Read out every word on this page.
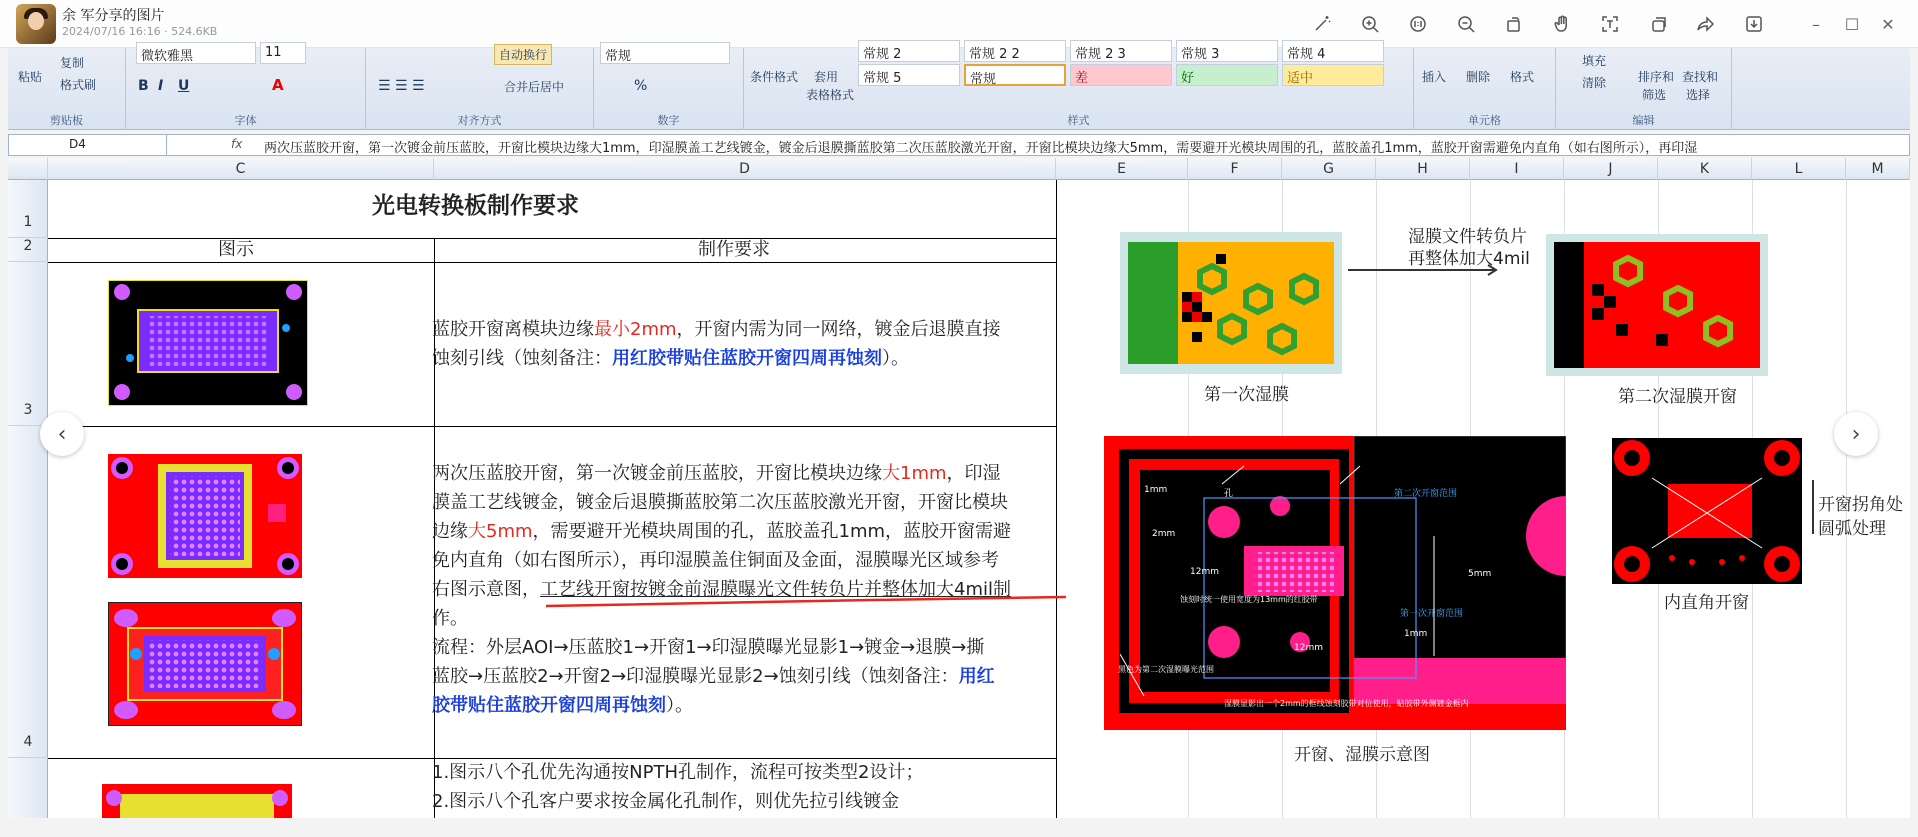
余 军分享的图片
2024/07/16 16:16 · 524.6KB	–	☐	✕
粘贴
复制
格式刷
剪贴板
微软雅黑	11
B I U	A
字体
自动换行
合并后居中
☰ ☰ ☰
对齐方式
常规
%
数字
条件格式 套用
表格格式
常规 2	常规 2 2	常规 2 3	常规 3	常规 4
常规 5	常规	差	好	适中
样式
插入 删除 格式
单元格
填充
清除	排序和
筛选
查找和
选择
编辑
D4	fx 两次压蓝胶开窗，第一次镀金前压蓝胶，开窗比模块边缘大1mm，印湿膜盖工艺线镀金，镀金后退膜撕蓝胶第二次压蓝胶激光开窗，开窗比模块边缘大5mm，需要避开光模块周围的孔，蓝胶盖孔1mm，蓝胶开窗需避免内直角（如右图所示），再印湿
C	D	E	F	G	H	I	J	K	L	M
1
2
3
4
光电转换板制作要求
图示	制作要求
蓝胶开窗离模块边缘最小2mm，开窗内需为同一网络，镀金后退膜直接
蚀刻引线（蚀刻备注：用红胶带贴住蓝胶开窗四周再蚀刻）。
两次压蓝胶开窗，第一次镀金前压蓝胶，开窗比模块边缘大1mm，印湿
膜盖工艺线镀金，镀金后退膜撕蓝胶第二次压蓝胶激光开窗，开窗比模块
边缘大5mm，需要避开光模块周围的孔，蓝胶盖孔1mm，蓝胶开窗需避
免内直角（如右图所示），再印湿膜盖住铜面及金面，湿膜曝光区域参考
右图示意图，工艺线开窗按镀金前湿膜曝光文件转负片并整体加大4mil制
作。
流程：外层AOI→压蓝胶1→开窗1→印湿膜曝光显影1→镀金→退膜→撕
蓝胶→压蓝胶2→开窗2→印湿膜曝光显影2→蚀刻引线（蚀刻备注：用红
胶带贴住蓝胶开窗四周再蚀刻）。
1.图示八个孔优先沟通按NPTH孔制作，流程可按类型2设计；
2.图示八个孔客户要求按金属化孔制作，则优先拉引线镀金
第一次湿膜
湿膜文件转负片
再整体加大4mil
第二次湿膜开窗
1mm
2mm
12mm
孔	第二次开窗范围
5mm
第一次开窗范围
1mm
12mm
蚀刻时统一使用宽度为13mm的红胶带
黑色为第二次湿膜曝光范围
湿膜显影出一个2mm的框线蚀刻胶带对位使用，贴胶带外侧镀金框内
开窗、湿膜示意图
内直角开窗
开窗拐角处
圆弧处理
‹	›
